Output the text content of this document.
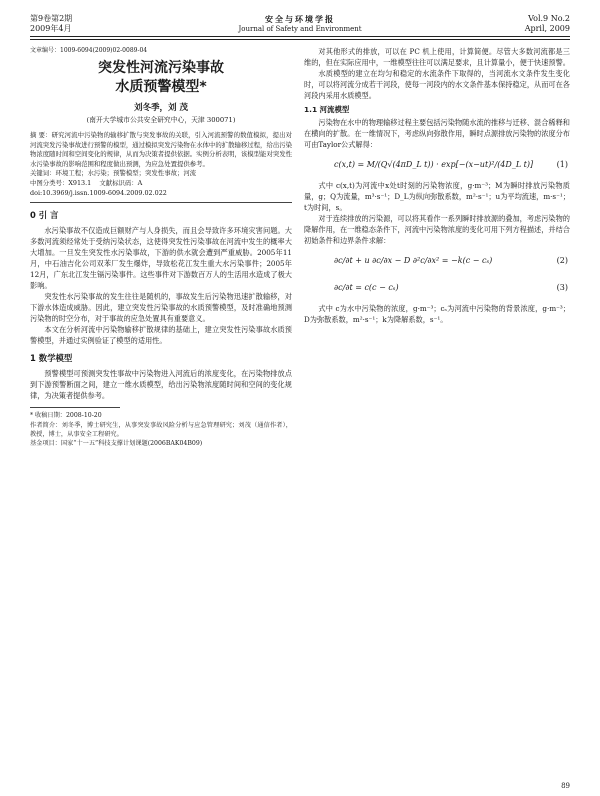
第9卷第2期
2009年4月
安全与环境学报
Journal of Safety and Environment
Vol.9 No.2
April, 2009
文章编号：1009-6094(2009)02-0089-04
突发性河流污染事故
水质预警模型*
刘冬季，刘 茂
(南开大学城市公共安全研究中心，天津 300071)
摘 要：研究河流中污染物的输移扩散与突发事故的关联，引入河流预警的数值模拟，提出对河流突发污染事故进行预警的模型，通过模拟突发污染物在水体中的扩散输移过程，给出污染物浓度随时间和空间变化的规律，从而为决策者提供依据。实例分析表明，该模型能对突发性水污染事故的影响范围和程度做出预测，为应急处置提供参考。
关键词：环境工程；水污染；预警模型；突发性事故；河流
中图分类号：X913.1 文献标识码：A
doi:10.3969/j.issn.1009-6094.2009.02.022
0 引 言

水污染事故不仅造成巨额财产与人身损失，而且会导致许多环境灾害问题。大多数河流须经常处于受纳污染状态，这使得突发性污染事故在河流中发生的概率大大增加。一旦发生突发性水污染事故，下游的供水就会遭到严重威胁。2005年11月，中石油吉化公司双苯厂发生爆炸，导致松花江发生重大水污染事件；2005年12月，广东北江发生镉污染事件。这些事件对下游数百万人的生活用水造成了极大影响。

突发性水污染事故的发生往往是随机的，事故发生后污染物迅速扩散输移，对下游水体造成威胁。因此，建立突发性污染事故的水质预警模型，及时准确地预测污染物的时空分布，对于事故的应急处置具有重要意义。

本文在分析河流中污染物输移扩散规律的基础上，建立突发性污染事故水质预警模型，并通过实例验证了模型的适用性。

1 数学模型

预警模型可预测突发性事故中污染物进入河流后的浓度变化，在污染物排放点到下游预警断面之间，建立一维水质模型，给出污染物浓度随时间和空间的变化规律，为决策者提供参考。

* 收稿日期：2008-10-20
作者简介：刘冬季，博士研究生，从事突发事故风险分析与应急管理研究；刘茂（通信作者），教授，博士，从事安全工程研究。
基金项目：国家“十一五”科技支撑计划课题(2006BAK04B09)

对其他形式的排放，可以在 PC 机上使用，计算简便。尽管大多数河流都是三维的，但在实际应用中，一维模型往往可以满足要求，且计算量小，便于快速预警。

水质模型的建立在均匀和稳定的水流条件下取得的，当河流水文条件发生变化时，可以将河流分成若干河段，使每一河段内的水文条件基本保持稳定，从而可在各河段内采用水质模型。

1.1 河流模型

污染物在水中的物理输移过程主要包括污染物随水流的推移与迁移、混合稀释和在横向的扩散。在一维情况下，考虑纵向弥散作用，瞬时点源排放污染物的浓度分布可由Taylor公式解得：

c(x,t) = M/(Q√(4πD_L t)) · exp[−(x−ut)²/(4D_L t)]	(1)

式中 c(x,t)为河流中x处t时刻的污染物浓度，g·m⁻³；M为瞬时排放污染物质量，g；Q为流量，m³·s⁻¹；D_L为纵向弥散系数，m²·s⁻¹；u为平均流速，m·s⁻¹；t为时间，s。

对于连续排放的污染源，可以将其看作一系列瞬时排放源的叠加，考虑污染物的降解作用，在一维稳态条件下，河流中污染物浓度的变化可用下列方程描述，并结合初始条件和边界条件求解：

∂c/∂t + u ∂c/∂x − D ∂²c/∂x² = −k(c − cₛ)	(2)
∂c/∂t = c(c − cₛ)	(3)

式中 c为水中污染物的浓度，g·m⁻³；cₛ为河流中污染物的背景浓度，g·m⁻³；D为弥散系数，m²·s⁻¹；k为降解系数，s⁻¹。

89
